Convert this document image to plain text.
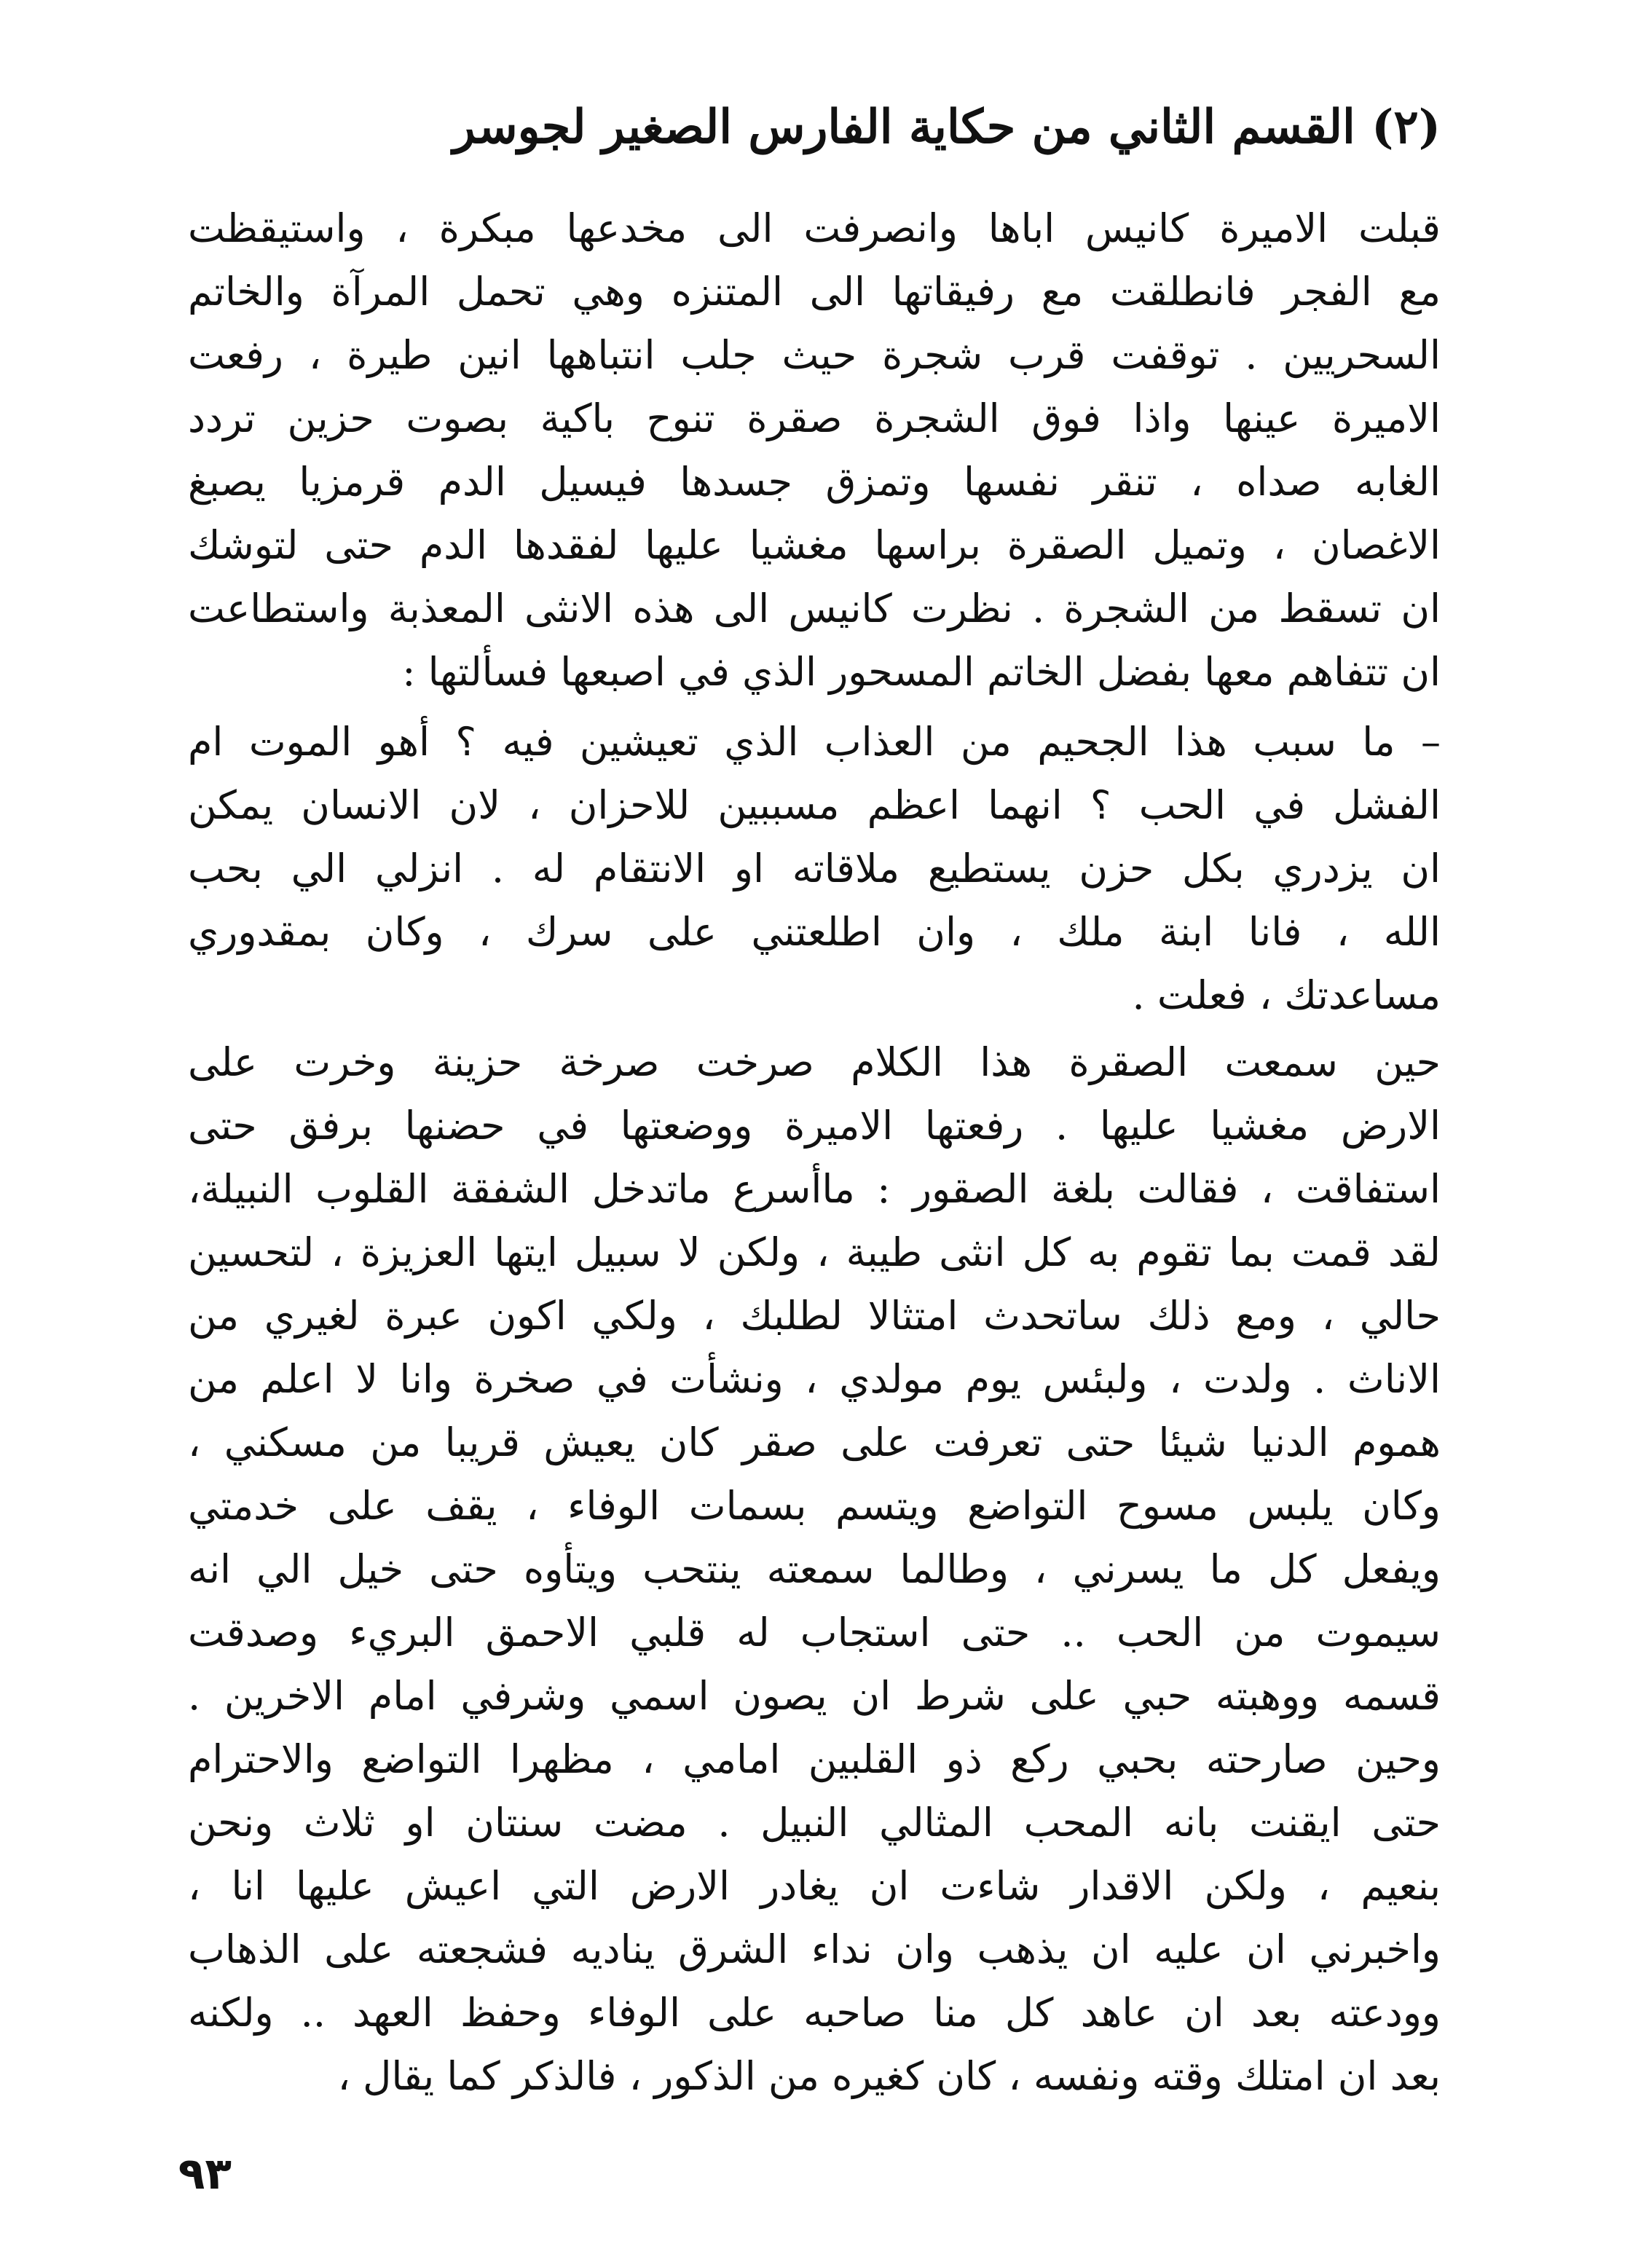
(٢) القسم الثاني من حكاية الفارس الصغير لجوسر
قبلت الاميرة كانيس اباها وانصرفت الى مخدعها مبكرة ، واستيقظت
مع الفجر فانطلقت مع رفيقاتها الى المتنزه وهي تحمل المرآة والخاتم
السحريين . توقفت قرب شجرة حيث جلب انتباهها انين طيرة ، رفعت
الاميرة عينها واذا فوق الشجرة صقرة تنوح باكية بصوت حزين تردد
الغابه صداه ، تنقر نفسها وتمزق جسدها فيسيل الدم قرمزيا يصبغ
الاغصان ، وتميل الصقرة براسها مغشيا عليها لفقدها الدم حتى لتوشك
ان تسقط من الشجرة . نظرت كانيس الى هذه الانثى المعذبة واستطاعت
ان تتفاهم معها بفضل الخاتم المسحور الذي في اصبعها فسألتها :
– ما سبب هذا الجحيم من العذاب الذي تعيشين فيه ؟ أهو الموت ام
الفشل في الحب ؟ انهما اعظم مسببين للاحزان ، لان الانسان يمكن
ان يزدري بكل حزن يستطيع ملاقاته او الانتقام له . انزلي الي بحب
الله ، فانا ابنة ملك ، وان اطلعتني على سرك ، وكان بمقدوري
مساعدتك ، فعلت .
حين سمعت الصقرة هذا الكلام صرخت صرخة حزينة وخرت على
الارض مغشيا عليها . رفعتها الاميرة ووضعتها في حضنها برفق حتى
استفاقت ، فقالت بلغة الصقور : ماأسرع ماتدخل الشفقة القلوب النبيلة،
لقد قمت بما تقوم به كل انثى طيبة ، ولكن لا سبيل ايتها العزيزة ، لتحسين
حالي ، ومع ذلك ساتحدث امتثالا لطلبك ، ولكي اكون عبرة لغيري من
الاناث . ولدت ، ولبئس يوم مولدي ، ونشأت في صخرة وانا لا اعلم من
هموم الدنيا شيئا حتى تعرفت على صقر كان يعيش قريبا من مسكني ،
وكان يلبس مسوح التواضع ويتسم بسمات الوفاء ، يقف على خدمتي
ويفعل كل ما يسرني ، وطالما سمعته ينتحب ويتأوه حتى خيل الي انه
سيموت من الحب .. حتى استجاب له قلبي الاحمق البريء وصدقت
قسمه ووهبته حبي على شرط ان يصون اسمي وشرفي امام الاخرين .
وحين صارحته بحبي ركع ذو القلبين امامي ، مظهرا التواضع والاحترام
حتى ايقنت بانه المحب المثالي النبيل . مضت سنتان او ثلاث ونحن
بنعيم ، ولكن الاقدار شاءت ان يغادر الارض التي اعيش عليها انا ،
واخبرني ان عليه ان يذهب وان نداء الشرق يناديه فشجعته على الذهاب
وودعته بعد ان عاهد كل منا صاحبه على الوفاء وحفظ العهد .. ولكنه
بعد ان امتلك وقته ونفسه ، كان كغيره من الذكور ، فالذكر كما يقال ،
٩٣
